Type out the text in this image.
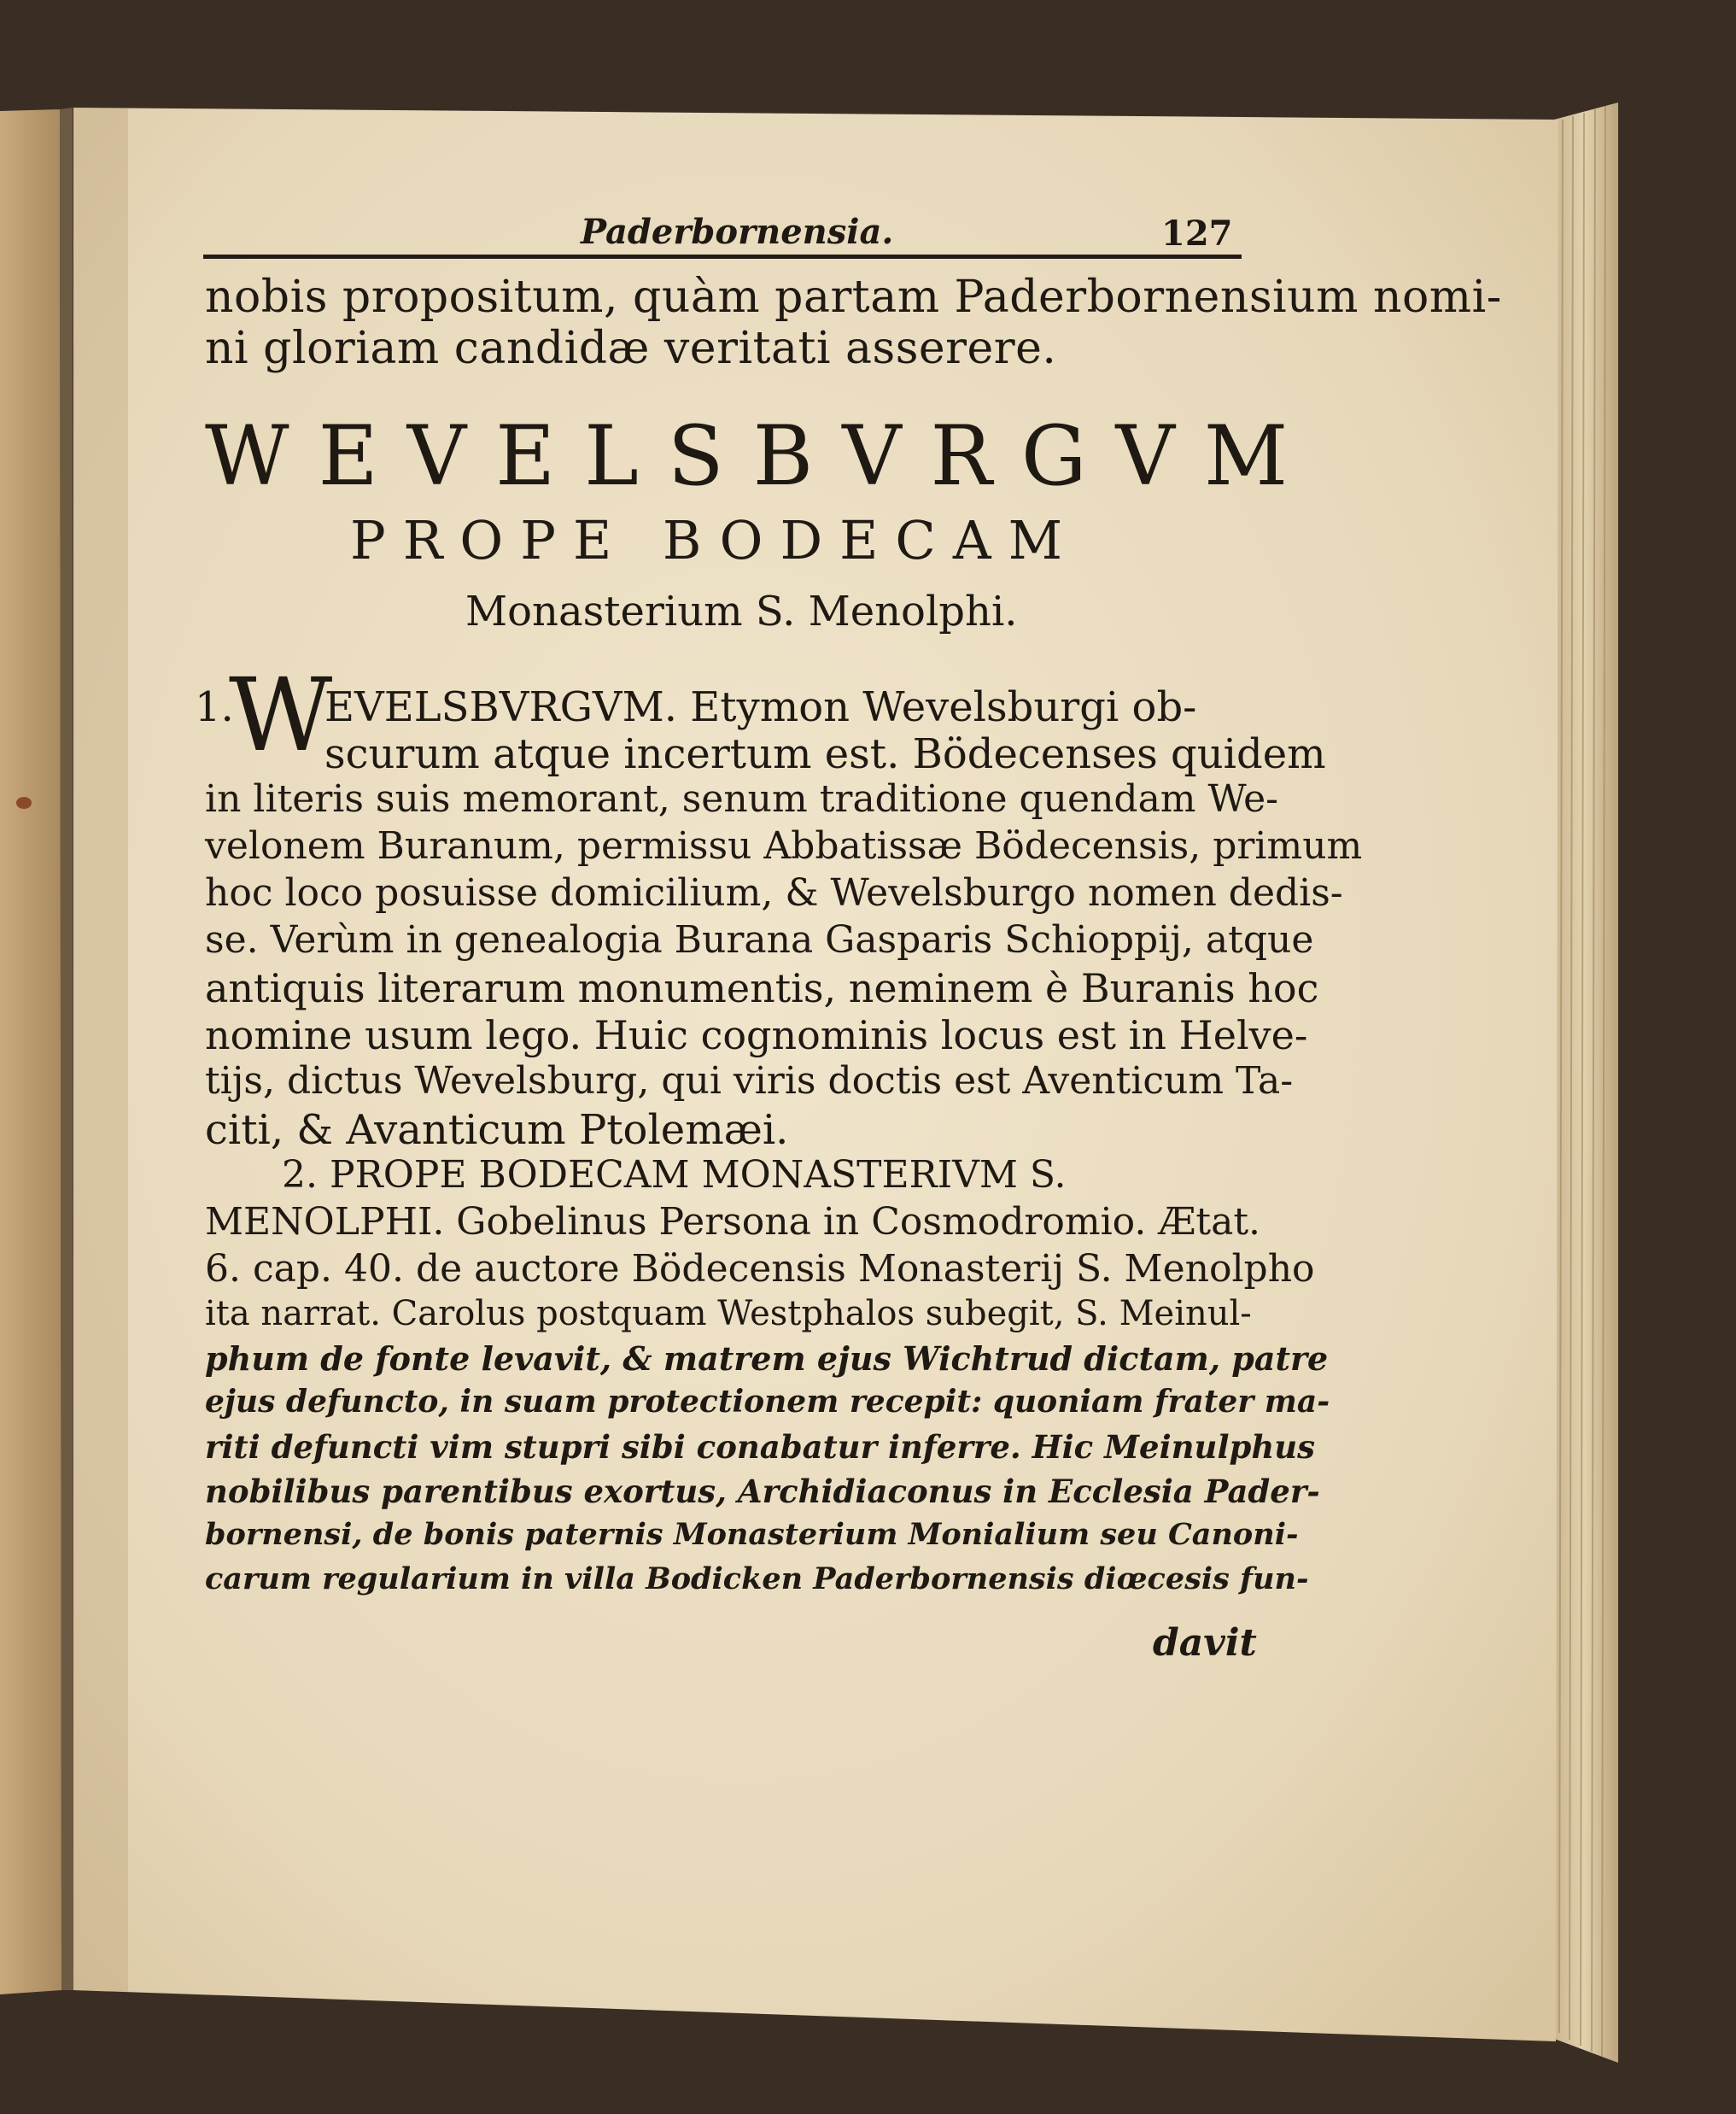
Paderbornensia.	127
nobis propositum, quàm partam Paderbornensium nomi-
ni gloriam candidæ veritati asserere.
WEVELSBVRGVM
PROPE BODECAM
Monasterium S. Menolphi.
1.
W
EVELSBVRGVM. Etymon Wevelsburgi ob-
scurum atque incertum est. Bödecenses quidem
in literis suis memorant, senum traditione quendam We-
velonem Buranum, permissu Abbatissæ Bödecensis, primum
hoc loco posuisse domicilium, & Wevelsburgo nomen dedis-
se. Verùm in genealogia Burana Gasparis Schioppij, atque
antiquis literarum monumentis, neminem è Buranis hoc
nomine usum lego. Huic cognominis locus est in Helve-
tijs, dictus Wevelsburg, qui viris doctis est Aventicum Ta-
citi, & Avanticum Ptolemæi.
2. PROPE BODECAM MONASTERIVM S.
MENOLPHI. Gobelinus Persona in Cosmodromio. Ætat.
6. cap. 40. de auctore Bödecensis Monasterij S. Menolpho
ita narrat. Carolus postquam Westphalos subegit, S. Meinul-
phum de fonte levavit, & matrem ejus Wichtrud dictam, patre
ejus defuncto, in suam protectionem recepit: quoniam frater ma-
riti defuncti vim stupri sibi conabatur inferre. Hic Meinulphus
nobilibus parentibus exortus, Archidiaconus in Ecclesia Pader-
bornensi, de bonis paternis Monasterium Monialium seu Canoni-
carum regularium in villa Bodicken Paderbornensis diœcesis fun-
davit
